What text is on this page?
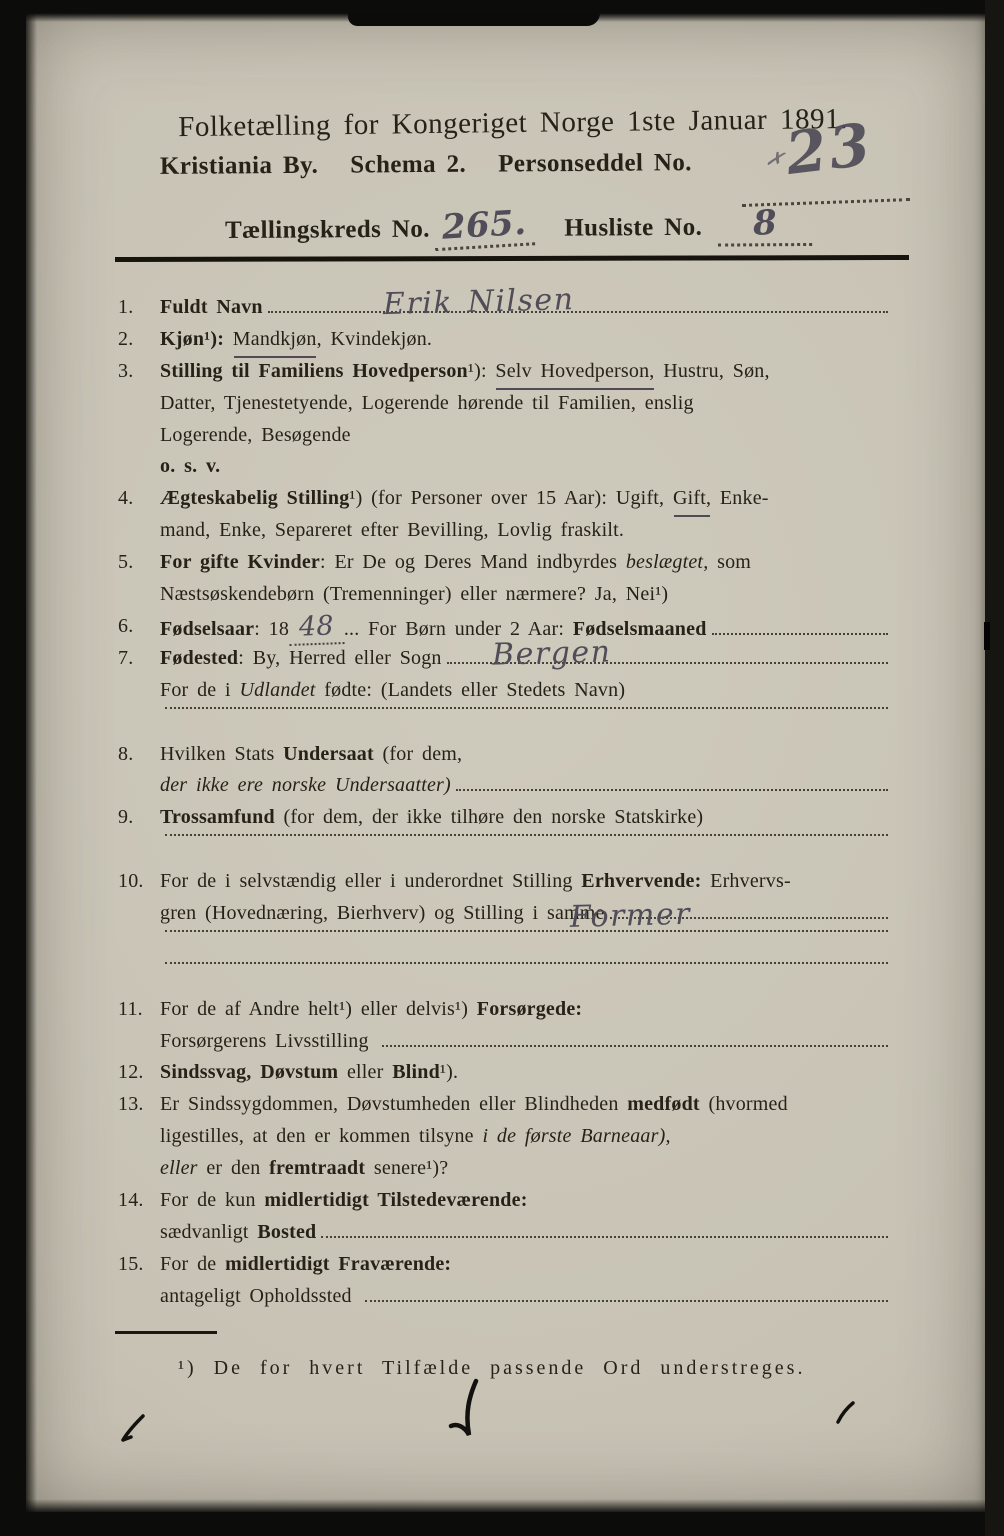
Folketælling for Kongeriget Norge 1ste Januar 1891.
Kristiania By. Schema 2. Personseddel No.	✗
23
Tællingskreds No. 265.	Husliste No.	8
1.	Fuldt Navn	Erik Nilsen
2.	Kjøn¹): Mandkjøn , Kvindekjøn.
3.	Stilling til Familiens Hovedperson ¹): Selv Hovedperson, Hustru, Søn,
Datter, Tjenestetyende, Logerende hørende til Familien, enslig
Logerende, Besøgende
o. s. v.
4.	Ægteskabelig Stilling ¹) (for Personer over 15 Aar): Ugift, Gift, Enke-
mand, Enke, Separeret efter Bevilling, Lovlig fraskilt.
5.	For gifte Kvinder : Er De og Deres Mand indbyrdes beslægtet, som
Næstsøskendebørn (Tremenninger) eller nærmere? Ja, Nei¹)
6.	Fødselsaar : 18 48 ... For Børn under 2 Aar: Fødselsmaaned
7.	Fødested : By, Herred eller Sogn	Bergen
For de i Udlandet fødte: (Landets eller Stedets Navn)
8.	Hvilken Stats Undersaat (for dem,
der ikke ere norske Undersaatter)
9.	Trossamfund (for dem, der ikke tilhøre den norske Statskirke)
10. For de i selvstændig eller i underordnet Stilling Erhvervende: Erhvervs-
gren (Hovednæring, Bierhverv) og Stilling i samme
Former
11. For de af Andre helt¹) eller delvis¹) Forsørgede:
Forsørgerens Livsstilling
12. Sindssvag, Døvstum eller Blind ¹).
13. Er Sindssygdommen, Døvstumheden eller Blindheden medfødt (hvormed
ligestilles, at den er kommen tilsyne i de første Barneaar),
eller er den fremtraadt senere¹)?
14. For de kun midlertidigt Tilstedeværende:
sædvanligt Bosted
15. For de midlertidigt Fraværende:
antageligt Opholdssted
¹) De for hvert Tilfælde passende Ord understreges.
